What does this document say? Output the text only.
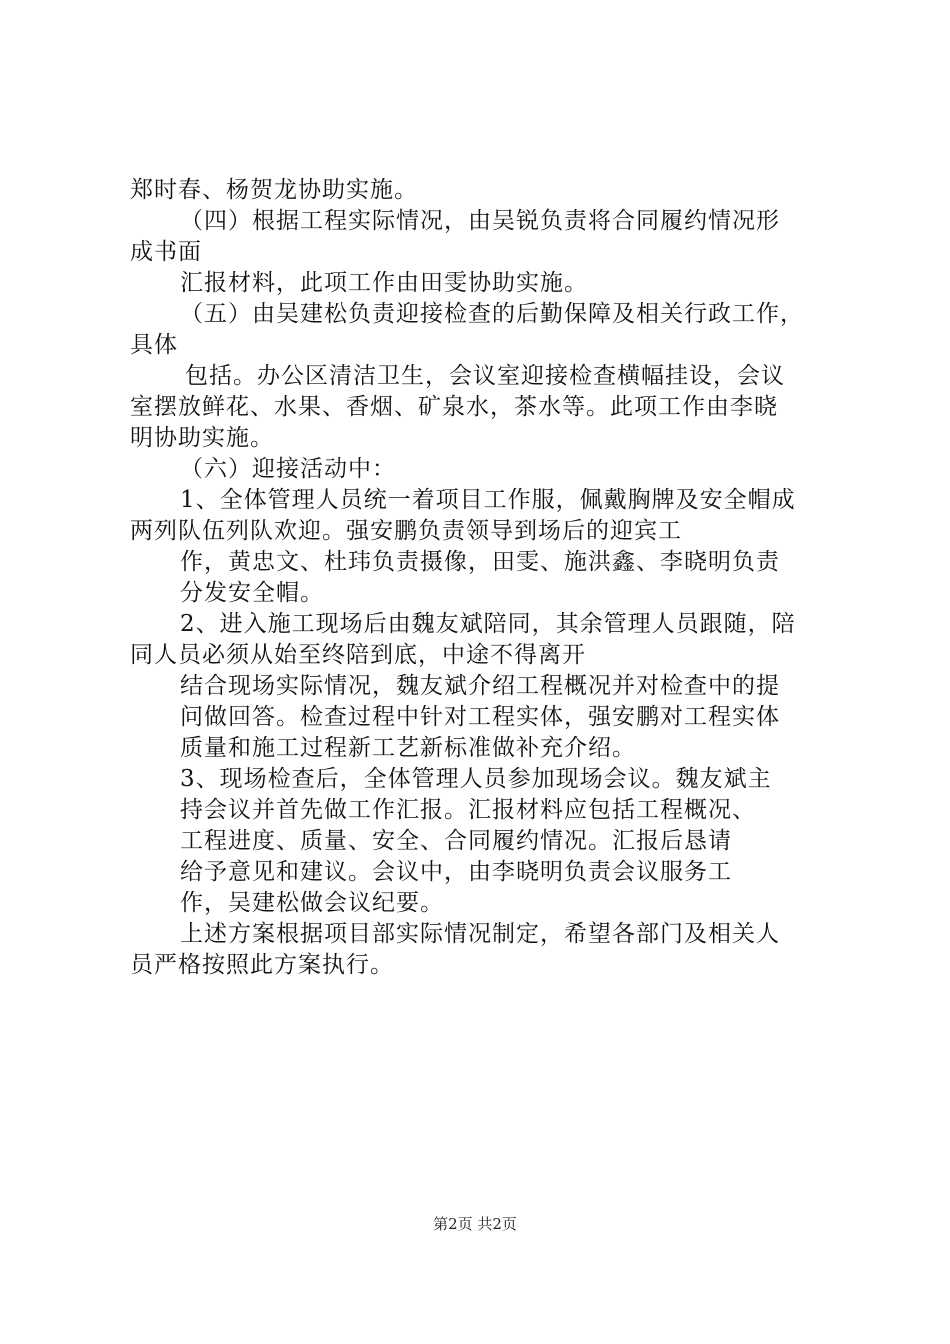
郑时春、杨贺龙协助实施。
（四）根据工程实际情况，由吴锐负责将合同履约情况形
成书面
汇报材料，此项工作由田雯协助实施。
（五）由吴建松负责迎接检查的后勤保障及相关行政工作，
具体
包括。办公区清洁卫生，会议室迎接检查横幅挂设，会议
室摆放鲜花、水果、香烟、矿泉水，茶水等。此项工作由李晓
明协助实施。
（六）迎接活动中：
1、全体管理人员统一着项目工作服，佩戴胸牌及安全帽成
两列队伍列队欢迎。强安鹏负责领导到场后的迎宾工
作，黄忠文、杜玮负责摄像，田雯、施洪鑫、李晓明负责
分发安全帽。
2、进入施工现场后由魏友斌陪同，其余管理人员跟随，陪
同人员必须从始至终陪到底，中途不得离开
结合现场实际情况，魏友斌介绍工程概况并对检查中的提
问做回答。检查过程中针对工程实体，强安鹏对工程实体
质量和施工过程新工艺新标准做补充介绍。
3、现场检查后，全体管理人员参加现场会议。魏友斌主
持会议并首先做工作汇报。汇报材料应包括工程概况、
工程进度、质量、安全、合同履约情况。汇报后恳请
给予意见和建议。会议中，由李晓明负责会议服务工
作，吴建松做会议纪要。
上述方案根据项目部实际情况制定，希望各部门及相关人
员严格按照此方案执行。
第2页 共2页
